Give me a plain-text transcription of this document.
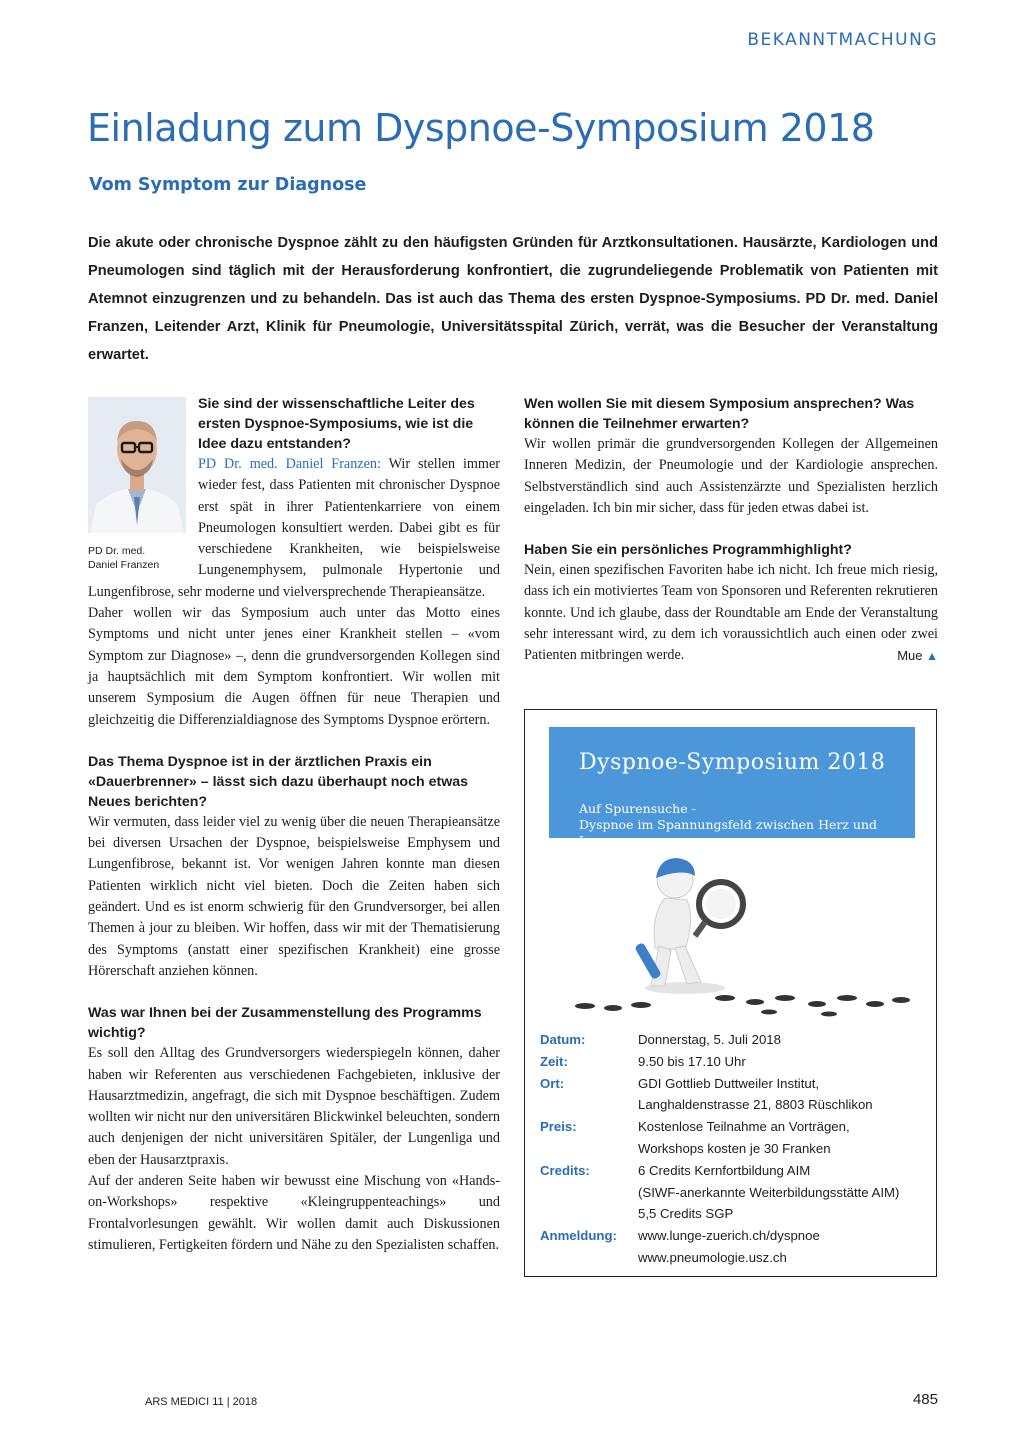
BEKANNTMACHUNG
Einladung zum Dyspnoe-Symposium 2018
Vom Symptom zur Diagnose

Die akute oder chronische Dyspnoe zählt zu den häufigsten Gründen für Arztkonsultationen. Hausärzte, Kardiologen und Pneumologen sind täglich mit der Herausforderung konfrontiert, die zugrundeliegende Problematik von Patienten mit Atemnot einzugrenzen und zu behandeln. Das ist auch das Thema des ersten Dyspnoe-Symposiums. PD Dr. med. Daniel Franzen, Leitender Arzt, Klinik für Pneumologie, Universitätsspital Zürich, verrät, was die Besucher der Veranstaltung erwartet.

PD Dr. med.
Daniel Franzen

Sie sind der wissenschaftliche Leiter des ersten Dyspnoe-Symposiums, wie ist die Idee dazu entstanden?

PD Dr. med. Daniel Franzen: Wir stellen immer wieder fest, dass Patienten mit chronischer Dyspnoe erst spät in ihrer Patientenkarriere von einem Pneumologen konsultiert werden. Dabei gibt es für verschiedene Krankheiten, wie beispielsweise Lungenemphysem, pulmonale Hypertonie und Lungenfibrose, sehr moderne und vielversprechende Therapieansätze.

Daher wollen wir das Symposium auch unter das Motto eines Symptoms und nicht unter jenes einer Krankheit stellen – «vom Symptom zur Diagnose» –, denn die grundversorgenden Kollegen sind ja hauptsächlich mit dem Symptom konfrontiert. Wir wollen mit unserem Symposium die Augen öffnen für neue Therapien und gleichzeitig die Differenzialdiagnose des Symptoms Dyspnoe erörtern.

Das Thema Dyspnoe ist in der ärztlichen Praxis ein «Dauerbrenner» – lässt sich dazu überhaupt noch etwas Neues berichten?

Wir vermuten, dass leider viel zu wenig über die neuen Therapieansätze bei diversen Ursachen der Dyspnoe, beispielsweise Emphysem und Lungenfibrose, bekannt ist. Vor wenigen Jahren konnte man diesen Patienten wirklich nicht viel bieten. Doch die Zeiten haben sich geändert. Und es ist enorm schwierig für den Grundversorger, bei allen Themen à jour zu bleiben. Wir hoffen, dass wir mit der Thematisierung des Symptoms (anstatt einer spezifischen Krankheit) eine grosse Hörerschaft anziehen können.

Was war Ihnen bei der Zusammenstellung des Programms wichtig?

Es soll den Alltag des Grundversorgers wiederspiegeln können, daher haben wir Referenten aus verschiedenen Fachgebieten, inklusive der Hausarztmedizin, angefragt, die sich mit Dyspnoe beschäftigen. Zudem wollten wir nicht nur den universitären Blickwinkel beleuchten, sondern auch denjenigen der nicht universitären Spitäler, der Lungenliga und eben der Hausarztpraxis.

Auf der anderen Seite haben wir bewusst eine Mischung von «Hands-on-Workshops» respektive «Kleingruppenteachings» und Frontalvorlesungen gewählt. Wir wollen damit auch Diskussionen stimulieren, Fertigkeiten fördern und Nähe zu den Spezialisten schaffen.

Wen wollen Sie mit diesem Symposium ansprechen? Was können die Teilnehmer erwarten?

Wir wollen primär die grundversorgenden Kollegen der Allgemeinen Inneren Medizin, der Pneumologie und der Kardiologie ansprechen. Selbstverständlich sind auch Assistenzärzte und Spezialisten herzlich eingeladen. Ich bin mir sicher, dass für jeden etwas dabei ist.

Haben Sie ein persönliches Programmhighlight?

Nein, einen spezifischen Favoriten habe ich nicht. Ich freue mich riesig, dass ich ein motiviertes Team von Sponsoren und Referenten rekrutieren konnte. Und ich glaube, dass der Roundtable am Ende der Veranstaltung sehr interessant wird, zu dem ich voraussichtlich auch einen oder zwei Patienten mitbringen werde.	Mue ▲

Dyspnoe-Symposium 2018
Auf Spurensuche -
Dyspnoe im Spannungsfeld zwischen Herz und Lunge
Datum:	Donnerstag, 5. Juli 2018
Zeit:	9.50 bis 17.10 Uhr
Ort:	GDI Gottlieb Duttweiler Institut,
Langhaldenstrasse 21, 8803 Rüschlikon
Preis:	Kostenlose Teilnahme an Vorträgen,
Workshops kosten je 30 Franken
Credits:	6 Credits Kernfortbildung AIM
(SIWF-anerkannte Weiterbildungsstätte AIM)
5,5 Credits SGP
Anmeldung:	www.lunge-zuerich.ch/dyspnoe
www.pneumologie.usz.ch
ARS MEDICI 11 | 2018	485
